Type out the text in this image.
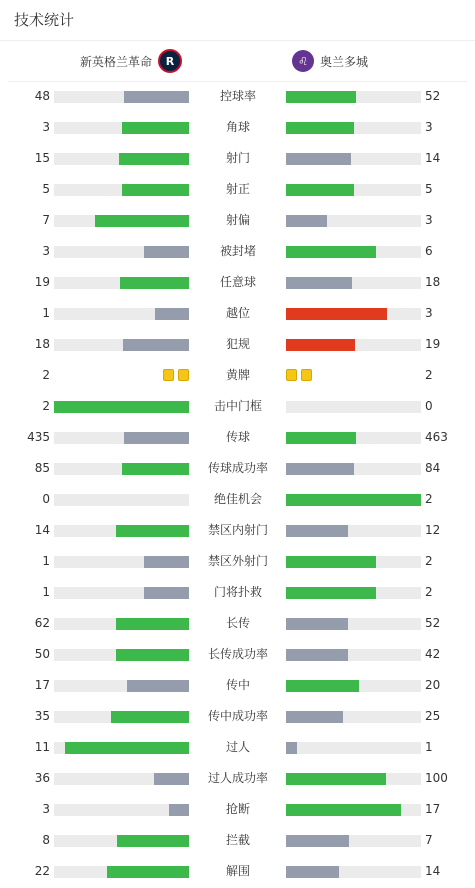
技术统计
新英格兰革命	R	♌	奥兰多城
48	控球率	52
3	角球	3
15	射门	14
5	射正	5
7	射偏	3
3	被封堵	6
19	任意球	18
1	越位	3
18	犯规	19
2	黄牌	2
2	击中门框	0
435	传球	463
85	传球成功率	84
0	绝佳机会	2
14	禁区内射门	12
1	禁区外射门	2
1	门将扑救	2
62	长传	52
50	长传成功率	42
17	传中	20
35	传中成功率	25
11	过人	1
36	过人成功率	100
3	抢断	17
8	拦截	7
22	解围	14
